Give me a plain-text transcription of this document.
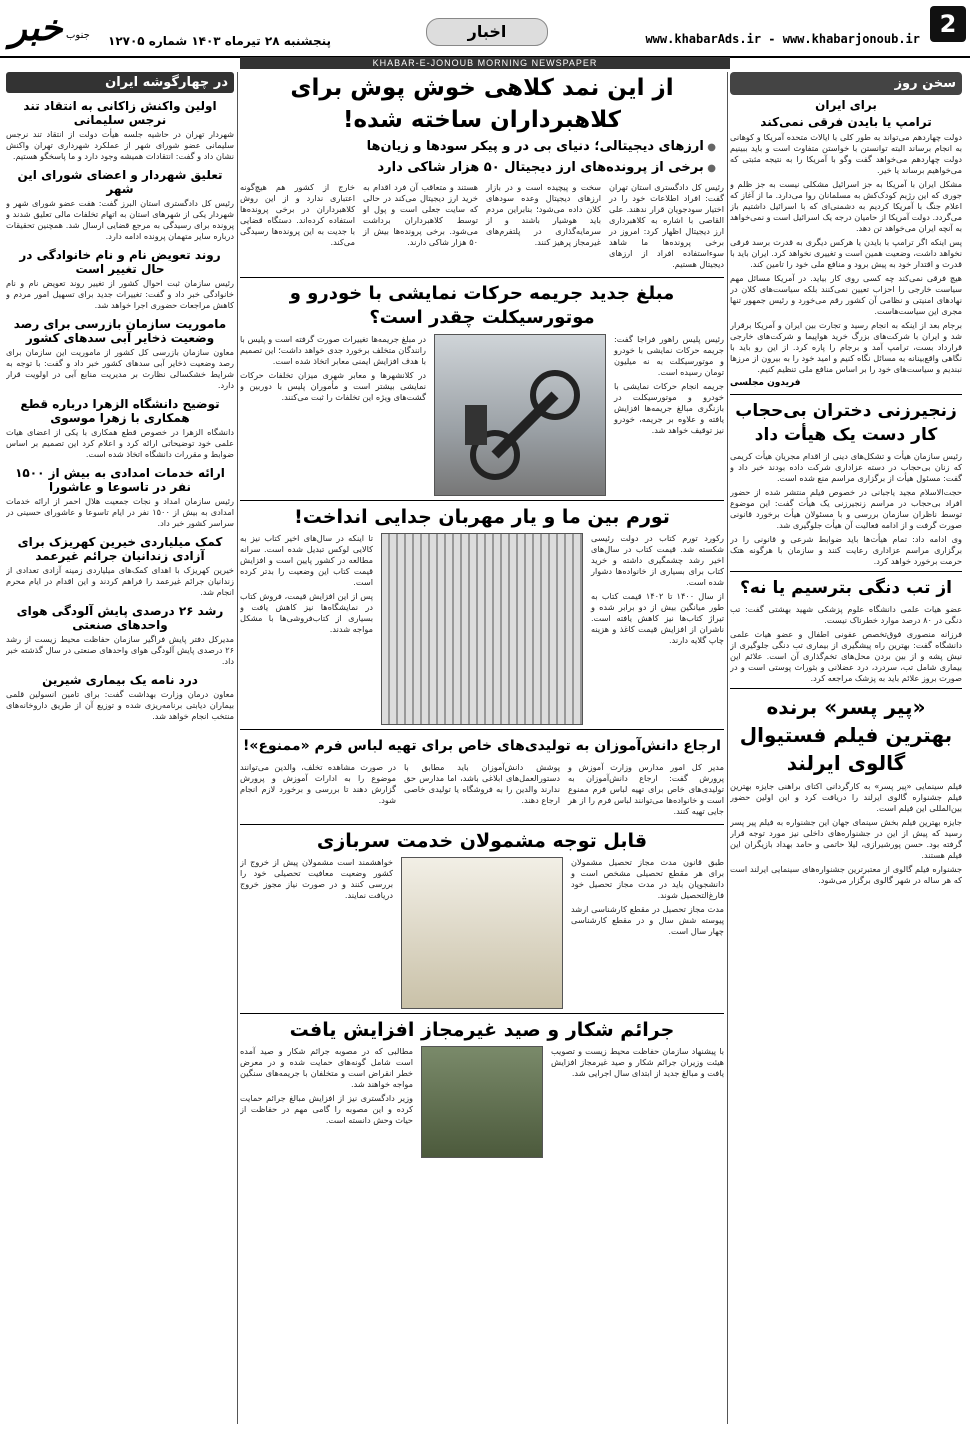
2
www.khabarAds.ir - www.khabarjonoub.ir
اخبار
پنجشنبه ۲۸ تیرماه ۱۴۰۳ شماره ۱۲۷۰۵
خبر جنوب
KHABAR-E-JONOUB MORNING NEWSPAPER
سخن روز
برای ایران
ترامپ یا بایدن فرقی نمی‌کند

دولت چهاردهم می‌تواند به طور کلی با ایالات متحده آمریکا و کوهانی به انجام برساند البته توانستن با خواستن متفاوت است و باید ببینیم دولت چهاردهم می‌خواهد گفت وگو با آمریکا را به نتیجه مثبتی که می‌خواهیم برساند یا خیر.

مشکل ایران با آمریکا به جز اسرائیل مشکلی نیست به جز ظلم و جوری که این رژیم کودک‌کش به مسلمانان روا می‌دارد. ما از آغاز که اعلام جنگ با آمریکا کردیم به دشمنی‌ای که با اسرائیل داشتیم باز می‌گردد. دولت آمریکا از حامیان درجه یک اسرائیل است و نمی‌خواهد به آنچه ایران می‌خواهد تن دهد.

پس اینکه اگر ترامپ با بایدن یا هرکس دیگری به قدرت برسد فرقی نخواهد داشت، وضعیت همین است و تغییری نخواهد کرد. ایران باید با قدرت و اقتدار خود به پیش برود و منافع ملی خود را تامین کند.

هیچ فرقی نمی‌کند چه کسی روی کار بیاید. در آمریکا مسائل مهم سیاست خارجی را احزاب تعیین نمی‌کنند بلکه سیاست‌های کلان در نهادهای امنیتی و نظامی آن کشور رقم می‌خورد و رئیس جمهور تنها مجری این سیاست‌هاست.

برجام بعد از اینکه به انجام رسید و تجارت بین ایران و آمریکا برقرار شد و ایران با شرکت‌های بزرگ خرید هواپیما و شرکت‌های خارجی قرارداد بست، ترامپ آمد و برجام را پاره کرد. از این رو باید با نگاهی واقع‌بینانه به مسائل نگاه کنیم و امید خود را به بیرون از مرزها نبندیم و سیاست‌های خود را بر اساس منافع ملی تنظیم کنیم.

فریدون مجلسی
زنجیرزنی دختران بی‌حجاب کار دست یک هیأت داد

رئیس سازمان هیأت و تشکل‌های دینی از اقدام مجریان هیأت کریمی که زنان بی‌حجاب در دسته عزاداری شرکت داده بودند خبر داد و گفت: مسئول هیأت از برگزاری مراسم منع شده است.

حجت‌الاسلام مجید یاجبانی در خصوص فیلم منتشر شده از حضور افراد بی‌حجاب در مراسم زنجیرزنی یک هیأت گفت: این موضوع توسط ناظران سازمان بررسی و با مسئولان هیأت برخورد قانونی صورت گرفت و از ادامه فعالیت آن هیأت جلوگیری شد.

وی ادامه داد: تمام هیأت‌ها باید ضوابط شرعی و قانونی را در برگزاری مراسم عزاداری رعایت کنند و سازمان با هرگونه هتک حرمت برخورد خواهد کرد.

از تب دنگی بترسیم یا نه؟

عضو هیات علمی دانشگاه علوم پزشکی شهید بهشتی گفت: تب دنگی در ۸۰ درصد موارد خطرناک نیست.

فرزانه منصوری فوق‌تخصص عفونی اطفال و عضو هیات علمی دانشگاه گفت: بهترین راه پیشگیری از بیماری تب دنگی جلوگیری از نیش پشه و از بین بردن محل‌های تخم‌گذاری آن است. علائم این بیماری شامل تب، سردرد، درد عضلانی و بثورات پوستی است و در صورت بروز علائم باید به پزشک مراجعه کرد.

«پیر پسر» برنده بهترین فیلم فستیوال گالوی ایرلند

فیلم سینمایی «پیر پسر» به کارگردانی اکتای براهنی جایزه بهترین فیلم جشنواره گالوی ایرلند را دریافت کرد و این اولین حضور بین‌المللی این فیلم است.

جایزه بهترین فیلم بخش سینمای جهان این جشنواره به فیلم پیر پسر رسید که پیش از این در جشنواره‌های داخلی نیز مورد توجه قرار گرفته بود. حسن پورشیرازی، لیلا حاتمی و حامد بهداد بازیگران این فیلم هستند.

جشنواره فیلم گالوی از معتبرترین جشنواره‌های سینمایی ایرلند است که هر ساله در شهر گالوی برگزار می‌شود.

در چهارگوشه ایران
اولین واکنش زاکانی به انتقاد تند نرجس سلیمانی

شهردار تهران در حاشیه جلسه هیأت دولت از انتقاد تند نرجس سلیمانی عضو شورای شهر از عملکرد شهرداری تهران واکنش نشان داد و گفت: انتقادات همیشه وجود دارد و ما پاسخگو هستیم.

تعلیق شهردار و اعضای شورای این شهر

رئیس کل دادگستری استان البرز گفت: هفت عضو شورای شهر و شهردار یکی از شهرهای استان به اتهام تخلفات مالی تعلیق شدند و پرونده برای رسیدگی به مرجع قضایی ارسال شد. همچنین تحقیقات درباره سایر متهمان پرونده ادامه دارد.

روند تعویض نام و نام خانوادگی در حال تغییر است

رئیس سازمان ثبت احوال کشور از تغییر روند تعویض نام و نام خانوادگی خبر داد و گفت: تغییرات جدید برای تسهیل امور مردم و کاهش مراجعات حضوری اجرا خواهد شد.

ماموریت سازمان بازرسی برای رصد وضعیت ذخایر آبی سدهای کشور

معاون سازمان بازرسی کل کشور از ماموریت این سازمان برای رصد وضعیت ذخایر آبی سدهای کشور خبر داد و گفت: با توجه به شرایط خشکسالی نظارت بر مدیریت منابع آبی در اولویت قرار دارد.

توضیح دانشگاه الزهرا درباره قطع همکاری با زهرا موسوی

دانشگاه الزهرا در خصوص قطع همکاری با یکی از اعضای هیات علمی خود توضیحاتی ارائه کرد و اعلام کرد این تصمیم بر اساس ضوابط و مقررات دانشگاه اتخاذ شده است.

ارائه خدمات امدادی به بیش از ۱۵۰۰ نفر در تاسوعا و عاشورا

رئیس سازمان امداد و نجات جمعیت هلال احمر از ارائه خدمات امدادی به بیش از ۱۵۰۰ نفر در ایام تاسوعا و عاشورای حسینی در سراسر کشور خبر داد.

کمک میلیاردی خیرین کهریزک برای آزادی زندانیان جرائم غیرعمد

خیرین کهریزک با اهدای کمک‌های میلیاردی زمینه آزادی تعدادی از زندانیان جرائم غیرعمد را فراهم کردند و این اقدام در ایام محرم انجام شد.

رشد ۲۶ درصدی پایش آلودگی هوای واحدهای صنعتی

مدیرکل دفتر پایش فراگیر سازمان حفاظت محیط زیست از رشد ۲۶ درصدی پایش آلودگی هوای واحدهای صنعتی در سال گذشته خبر داد.

درد نامه یک بیماری شیرین

معاون درمان وزارت بهداشت گفت: برای تامین انسولین قلمی بیماران دیابتی برنامه‌ریزی شده و توزیع آن از طریق داروخانه‌های منتخب انجام خواهد شد.

از این نمد کلاهی خوش پوش برای کلاهبرداران ساخته شده!
● ارزهای دیجیتالی؛ دنیای بی در و پیکر سودها و زیان‌ها
● برخی از پرونده‌های ارز دیجیتال ۵۰ هزار شاکی دارد

رئیس کل دادگستری استان تهران گفت: افراد اطلاعات خود را در اختیار سودجویان قرار ندهند. علی القاصی با اشاره به کلاهبرداری ارز دیجیتال اظهار کرد: امروز در برخی پرونده‌ها ما شاهد سوءاستفاده افراد از ارزهای دیجیتال هستیم.

سخت و پیچیده است و در بازار ارزهای دیجیتال وعده سودهای کلان داده می‌شود؛ بنابراین مردم باید هوشیار باشند و از سرمایه‌گذاری در پلتفرم‌های غیرمجاز پرهیز کنند.

هستند و متعاقب آن فرد اقدام به خرید ارز دیجیتال می‌کند در حالی که سایت جعلی است و پول او توسط کلاهبرداران برداشت می‌شود. برخی پرونده‌ها بیش از ۵۰ هزار شاکی دارند.

خارج از کشور هم هیچ‌گونه اعتباری ندارد و از این روش کلاهبرداران در برخی پرونده‌ها استفاده کرده‌اند. دستگاه قضایی با جدیت به این پرونده‌ها رسیدگی می‌کند.

مبلغ جدید جریمه حرکات نمایشی با خودرو و موتورسیکلت چقدر است؟

رئیس پلیس راهور فراجا گفت: جریمه حرکات نمایشی با خودرو و موتورسیکلت به نه میلیون تومان رسیده است.

جریمه انجام حرکات نمایشی با خودرو و موتورسیکلت در بازنگری مبالغ جریمه‌ها افزایش یافته و علاوه بر جریمه، خودرو نیز توقیف خواهد شد.

در مبلغ جریمه‌ها تغییرات صورت گرفته است و پلیس با رانندگان متخلف برخورد جدی خواهد داشت؛ این تصمیم با هدف افزایش ایمنی معابر اتخاذ شده است.

در کلانشهرها و معابر شهری میزان تخلفات حرکات نمایشی بیشتر است و مأموران پلیس با دوربین و گشت‌های ویژه این تخلفات را ثبت می‌کنند.

تورم بین ما و یار مهربان جدایی انداخت!

رکورد تورم کتاب در دولت رئیسی شکسته شد. قیمت کتاب در سال‌های اخیر رشد چشمگیری داشته و خرید کتاب برای بسیاری از خانواده‌ها دشوار شده است.

از سال ۱۴۰۰ تا ۱۴۰۲ قیمت کتاب به طور میانگین بیش از دو برابر شده و تیراژ کتاب‌ها نیز کاهش یافته است. ناشران از افزایش قیمت کاغذ و هزینه چاپ گلایه دارند.

تا اینکه در سال‌های اخیر کتاب نیز به کالایی لوکس تبدیل شده است. سرانه مطالعه در کشور پایین است و افزایش قیمت کتاب این وضعیت را بدتر کرده است.

پس از این افزایش قیمت، فروش کتاب در نمایشگاه‌ها نیز کاهش یافت و بسیاری از کتاب‌فروشی‌ها با مشکل مواجه شدند.

ارجاع دانش‌آموزان به تولیدی‌های خاص برای تهیه لباس فرم «ممنوع»!

مدیر کل امور مدارس وزارت آموزش و پرورش گفت: ارجاع دانش‌آموزان به تولیدی‌های خاص برای تهیه لباس فرم ممنوع است و خانواده‌ها می‌توانند لباس فرم را از هر جایی تهیه کنند.

پوشش دانش‌آموزان باید مطابق با دستورالعمل‌های ابلاغی باشد، اما مدارس حق ندارند والدین را به فروشگاه یا تولیدی خاصی ارجاع دهند.

در صورت مشاهده تخلف، والدین می‌توانند موضوع را به ادارات آموزش و پرورش گزارش دهند تا بررسی و برخورد لازم انجام شود.

قابل توجه مشمولان خدمت سربازی

طبق قانون مدت مجاز تحصیل مشمولان برای هر مقطع تحصیلی مشخص است و دانشجویان باید در مدت مجاز تحصیل خود فارغ‌التحصیل شوند.

مدت مجاز تحصیل در مقطع کارشناسی ارشد پیوسته شش سال و در مقطع کارشناسی چهار سال است.

خواهشمند است مشمولان پیش از خروج از کشور وضعیت معافیت تحصیلی خود را بررسی کنند و در صورت نیاز مجوز خروج دریافت نمایند.

جرائم شکار و صید غیرمجاز افزایش یافت

با پیشنهاد سازمان حفاظت محیط زیست و تصویب هیئت وزیران جرائم شکار و صید غیرمجاز افزایش یافت و مبالغ جدید از ابتدای سال اجرایی شد.

مطالبی که در مصوبه جرائم شکار و صید آمده است شامل گونه‌های حمایت شده و در معرض خطر انقراض است و متخلفان با جریمه‌های سنگین مواجه خواهند شد.

وزیر دادگستری نیز از افزایش مبالغ جرائم حمایت کرده و این مصوبه را گامی مهم در حفاظت از حیات وحش دانسته است.
